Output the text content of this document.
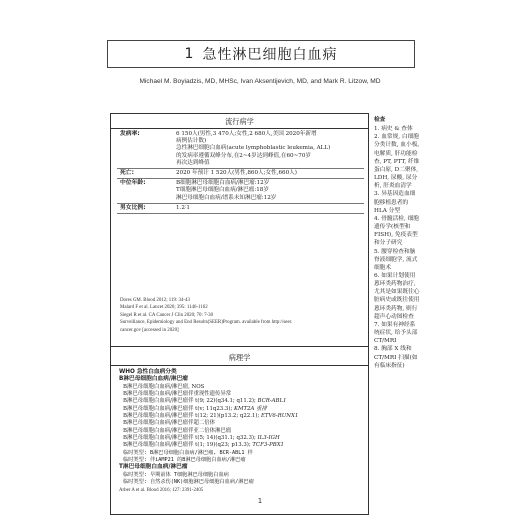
1 急性淋巴细胞白血病
Michael M. Boyiadzis, MD, MHSc, Ivan Aksentijevich, MD, and Mark R. Litzow, MD
流行病学
发病率:	6 150人(男性,3 470人;女性,2 680人,美国 2020年新增
病例估计数)
急性淋巴细胞白血病(acute lymphoblastic leukemia, ALL)
的发病率遵循双峰分布,在2~4岁达到峰值,在60~70岁
再次达到峰值

死亡:	2020 年预计 1 520人(男性,860人;女性,660人)
中位年龄:	B细胞淋巴母细胞白血病/淋巴瘤:12岁
T细胞淋巴母细胞白血病/淋巴瘤:18岁
淋巴母细胞白血病/谱系未知淋巴瘤:12岁

男女比例:	1.2∶1
Dores GM. Blood 2012; 119: 34-43
Malard F et al. Lancet 2020; 395: 1146-1162
Siegel R et al. CA Cancer J Clin 2020; 70: 7-30
Surveillance, Epidemiology and End Results(SEER)Program. available from http://seer.
cancer.gov [accessed in 2020]
病理学
WHO 急性白血病分类
B淋巴母细胞白血病/淋巴瘤
B淋巴母细胞白血病/淋巴瘤, NOS
B淋巴母细胞白血病/淋巴瘤伴重现性遗传异常
B淋巴母细胞白血病/淋巴瘤伴 t(9; 22)(q34.1; q11.2); BCR-ABL1
B淋巴母细胞白血病/淋巴瘤伴 t(v; 11q23.3); KMT2A 重排
B淋巴母细胞白血病/淋巴瘤伴 t(12; 21)(p13.2; q22.1); ETV6-RUNX1
B淋巴母细胞白血病/淋巴瘤伴超二倍体
B淋巴母细胞白血病/淋巴瘤伴亚二倍体淋巴瘤
B淋巴母细胞白血病/淋巴瘤伴 t(5; 14)(q31.1; q32.3); IL3-IGH
B淋巴母细胞白血病/淋巴瘤伴 t(1; 19)(q23; p13.3); TCF3-PBX1
临时类型: B淋巴母细胞白血病/淋巴瘤, BCR-ABL1 样
临时类型: 伴iAMP21 的B淋巴母细胞白血病/淋巴瘤
T淋巴母细胞白血病/淋巴瘤
临时类型: 早期前体 T细胞淋巴母细胞白血病
临时类型: 自然杀伤(NK)细胞淋巴母细胞白血病/淋巴瘤
Arber A et al. Blood 2016; 127: 2391-2405
检查
1. 病史 & 查体
2. 血常规, 白细胞分类计数, 血小板, 电解质, 肝功能检查, PT, PTT, 纤维蛋白原, D二聚体, LDH, 尿酸, 尿分析, 肝炎血清学
3. 异基因造血细胞移植患者的 HLA 分型
4. 骨髓活检, 细胞遗传学(核型和 FISH), 免疫表型和分子研究
5. 腰穿检查和脑脊液细胞学, 流式细胞术
6. 如果计划使用蒽环类药物治疗, 尤其是如果既往心脏病史或既往使用蒽环类药物, 则行超声心动图检查
7. 如果有神经系统症状, 给予头部 CT/MRI
8. 胸部 X 线和 CT/MRI 扫描(如有临床指征)
1
